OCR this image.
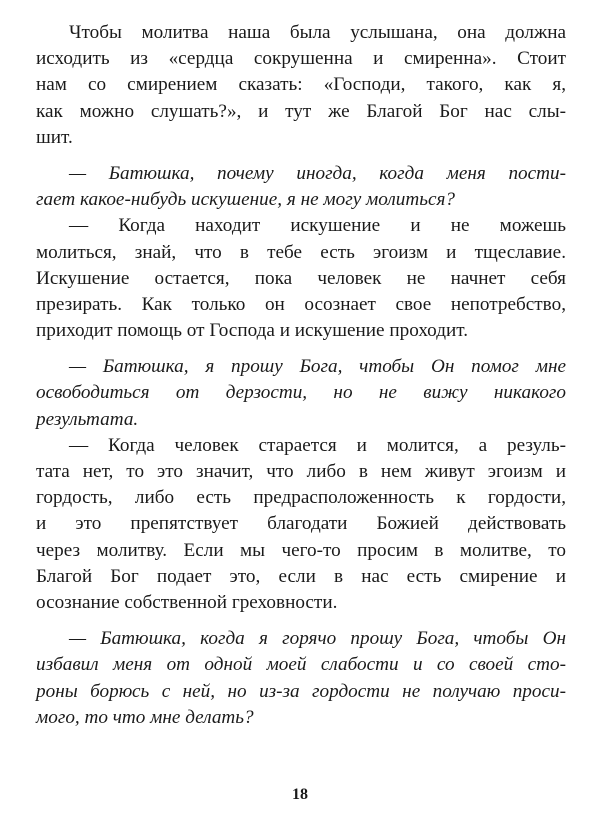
Чтобы молитва наша была услышана, она должна
исходить из «сердца сокрушенна и смиренна». Стоит
нам со смирением сказать: «Господи, такого, как я,
как можно слушать?», и тут же Благой Бог нас слы-
шит.
— Батюшка, почему иногда, когда меня пости-
гает какое-нибудь искушение, я не могу молиться?
— Когда находит искушение и не можешь
молиться, знай, что в тебе есть эгоизм и тщеславие.
Искушение остается, пока человек не начнет себя
презирать. Как только он осознает свое непотребство,
приходит помощь от Господа и искушение проходит.
— Батюшка, я прошу Бога, чтобы Он помог мне
освободиться от дерзости, но не вижу никакого
результата.
— Когда человек старается и молится, а резуль-
тата нет, то это значит, что либо в нем живут эгоизм и
гордость, либо есть предрасположенность к гордости,
и это препятствует благодати Божией действовать
через молитву. Если мы чего-то просим в молитве, то
Благой Бог подает это, если в нас есть смирение и
осознание собственной греховности.
— Батюшка, когда я горячо прошу Бога, чтобы Он
избавил меня от одной моей слабости и со своей сто-
роны борюсь с ней, но из-за гордости не получаю проси-
мого, то что мне делать?
18
